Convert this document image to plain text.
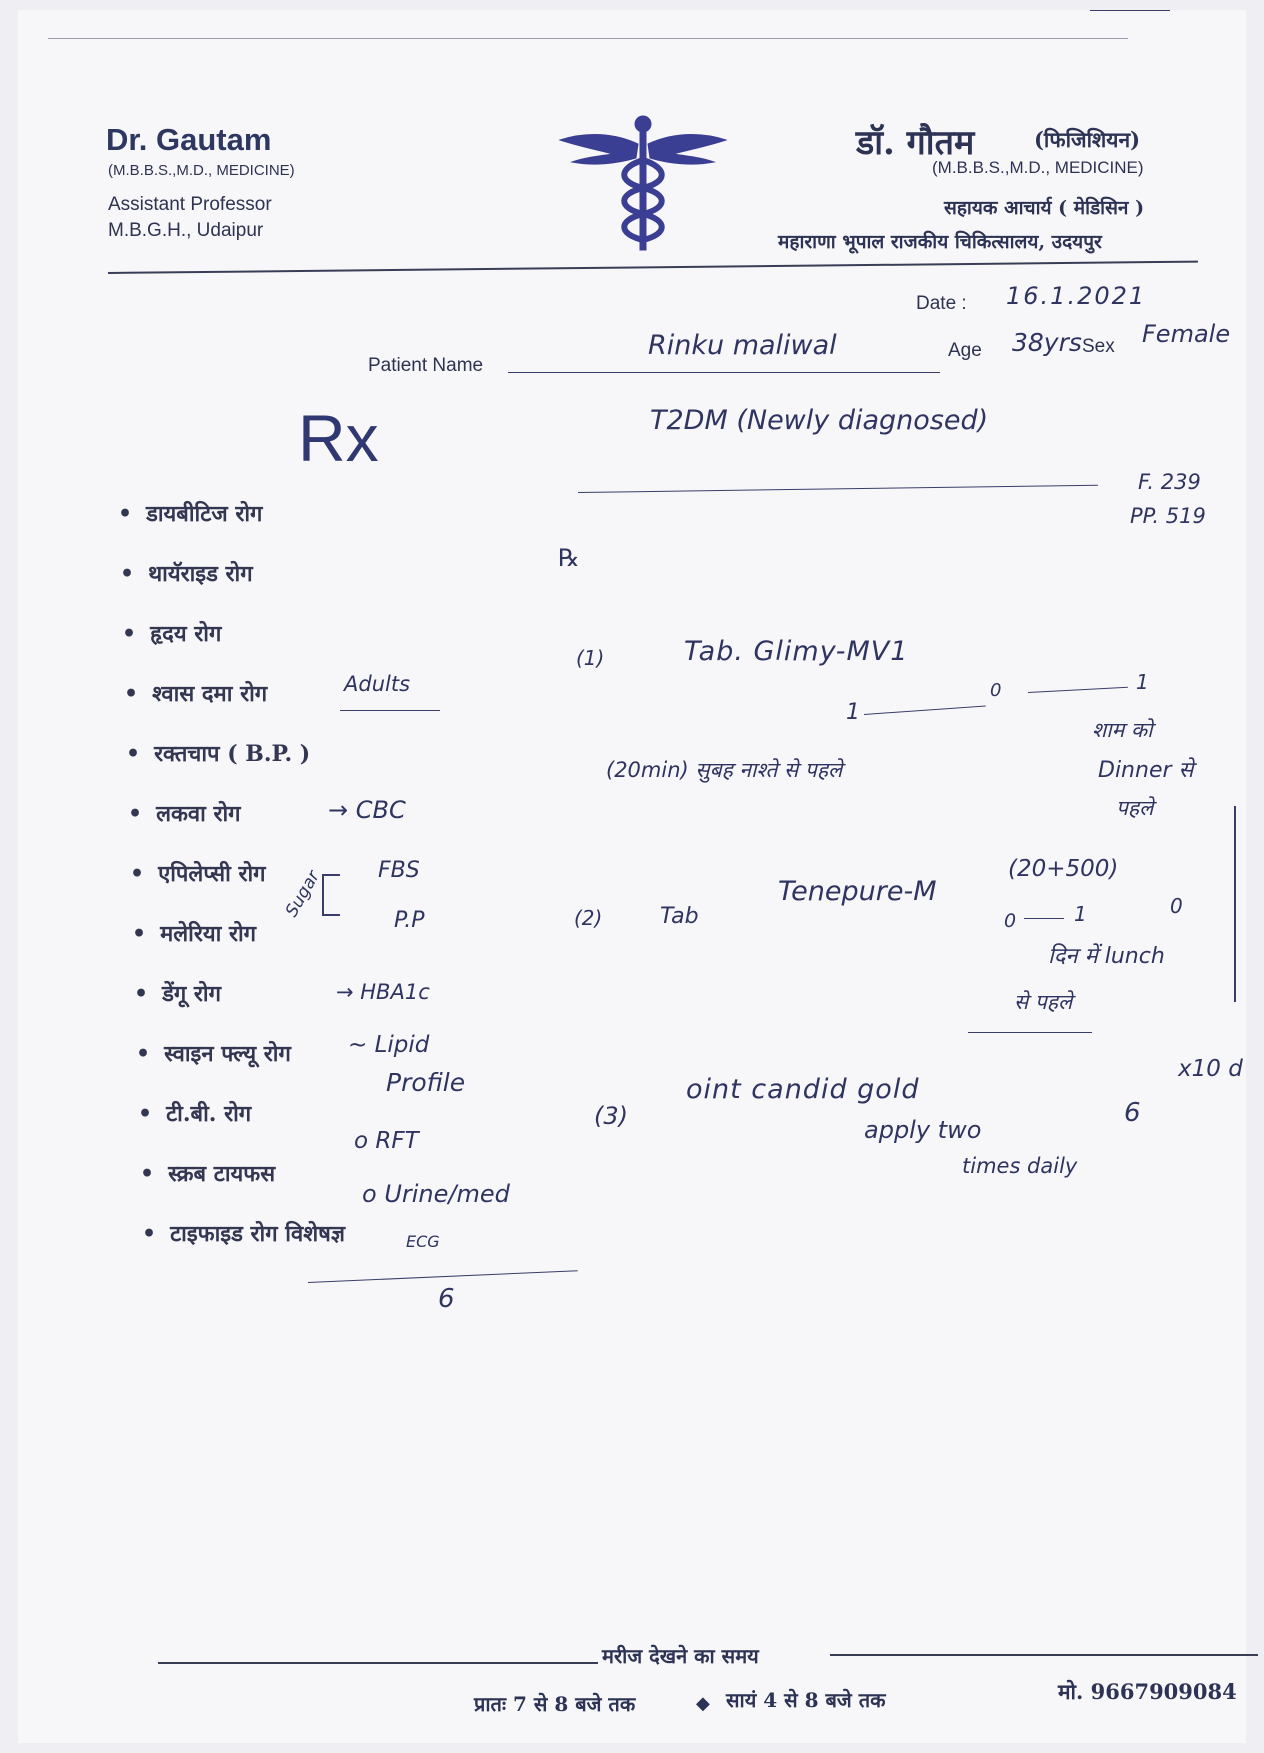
Dr. Gautam
(M.B.B.S.,M.D., MEDICINE)
Assistant Professor
M.B.G.H., Udaipur
डॉ. गौतम	(फिजिशियन)
(M.B.B.S.,M.D., MEDICINE)
सहायक आचार्य ( मेडिसिन )
महाराणा भूपाल राजकीय चिकित्सालय, उदयपुर
Date : 16.1.2021
Patient Name
Rinku maliwal	Age 38yrs Sex Female
Rx	T2DM (Newly diagnosed)
F. 239
PP. 519
• डायबीटिज रोग
• थायॅराइड रोग
• हृदय रोग
• श्वास दमा रोग
• रक्तचाप ( B.P. )
• लकवा रोग
• एपिलेप्सी रोग
• मलेरिया रोग
• डेंगू रोग
• स्वाइन फ्ल्यू रोग
• टी.बी. रोग
• स्क्रब टायफस
• टाइफाइड रोग विशेषज्ञ
Adults
→ CBC
Sugar FBS
P.P
→ HBA1c
~ Lipid
Profile
o RFT
o Urine/med
ECG
6
℞
(1)	Tab. Glimy-MV1
1
0	1
(20min) सुबह नाश्ते से पहले
शाम को
Dinner से
पहले
(2)	Tab
Tenepure-M
(20+500)
0	1	0
दिन में lunch
से पहले
(3)
oint candid gold
x10 d
6
apply two
times daily
मरीज देखने का समय
प्रातः 7 से 8 बजे तक	◆ सायं 4 से 8 बजे तक	मो. 9667909084
